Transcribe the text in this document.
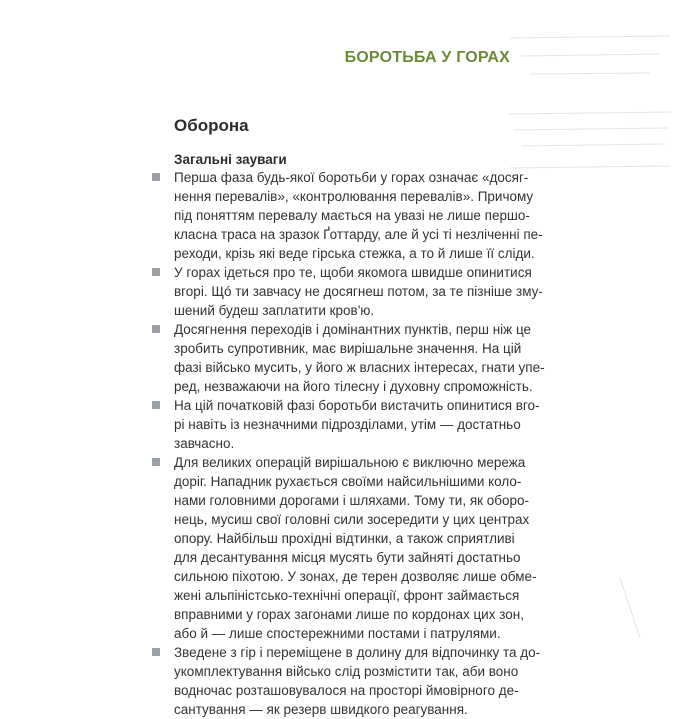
БОРОТЬБА У ГОРАХ
Оборона
Загальні зауваги
Перша фаза будь-якої боротьби у горах означає «досяг-
нення перевалів», «контролювання перевалів». Причому
під поняттям перевалу мається на увазі не лише першо-
класна траса на зразок Ґоттарду, але й усі ті незліченні пе-
реходи, крізь які веде гірська стежка, а то й лише її сліди.
У горах ідеться про те, щоби якомога швидше опинитися
вгорі. Щó ти завчасу не досягнеш потом, за те пізніше зму-
шений будеш заплатити кров'ю.
Досягнення переходів і домінантних пунктів, перш ніж це
зробить супротивник, має вирішальне значення. На цій
фазі військо мусить, у його ж власних інтересах, гнати упе-
ред, незважаючи на його тілесну і духовну спроможність.
На цій початковій фазі боротьби вистачить опинитися вго-
рі навіть із незначними підрозділами, утім — достатньо
завчасно.
Для великих операцій вирішальною є виключно мережа
доріг. Нападник рухається своїми найсильнішими коло-
нами головними дорогами і шляхами. Тому ти, як оборо-
нець, мусиш свої головні сили зосередити у цих центрах
опору. Найбільш прохідні відтинки, а також сприятливі
для десантування місця мусять бути зайняті достатньо
сильною піхотою. У зонах, де терен дозволяє лише обме-
жені альпіністсько-технічні операції, фронт займається
вправними у горах загонами лише по кордонах цих зон,
або й — лише спостережними постами і патрулями.
Зведене з гір і переміщене в долину для відпочинку та до-
укомплектування військо слід розмістити так, аби воно
водночас розташовувалося на просторі ймовірного де-
сантування — як резерв швидкого реагування.
